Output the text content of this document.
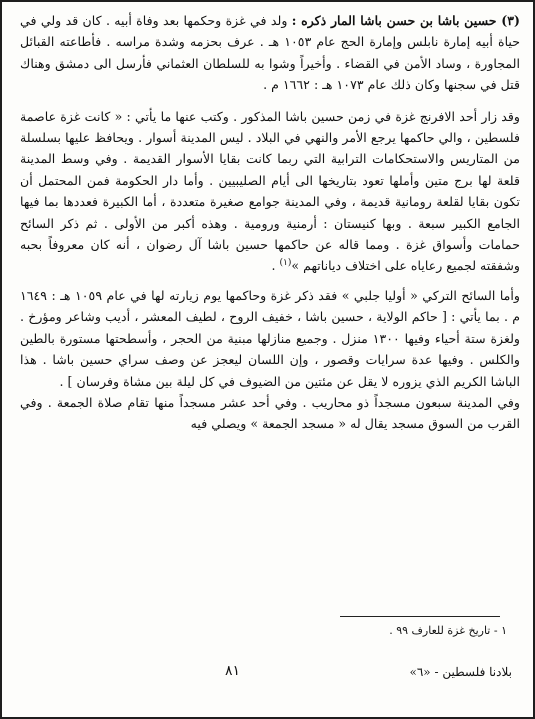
(٣) حسين باشا بن حسن باشا المار ذكره : ولد في غزة وحكمها بعد وفاة أبيه . كان قد ولي في حياة أبيه إمارة نابلس وإمارة الحج عام ١٠٥٣ هـ . عرف بحزمه وشدة مراسه . فأطاعته القبائل المجاورة ، وساد الأمن في القضاء . وأخيراً وشوا به للسلطان العثماني فأرسل الى دمشق وهناك قتل في سجنها وكان ذلك عام ١٠٧٣ هـ : ١٦٦٢ م .

وقد زار أحد الافرنج غزة في زمن حسين باشا المذكور . وكتب عنها ما يأتي : « كانت غزة عاصمة فلسطين ، والي حاكمها يرجع الأمر والنهي في البلاد . ليس المدينة أسوار . ويحافظ عليها بسلسلة من المتاريس والاستحكامات الترابية التي ربما كانت بقايا الأسوار القديمة . وفي وسط المدينة قلعة لها برج متين وأملها تعود بتاريخها الى أيام الصليبيين . وأما دار الحكومة فمن المحتمل أن تكون بقايا لقلعة رومانية قديمة ، وفي المدينة جوامع صغيرة متعددة ، أما الكبيرة فعددها بما فيها الجامع الكبير سبعة . وبها كنيستان : أرمنية ورومية . وهذه أكبر من الأولى . ثم ذكر السائح حمامات وأسواق غزة . ومما قاله عن حاكمها حسين باشا آل رضوان ، أنه كان معروفاً بحبه وشفقته لجميع رعاياه على اختلاف دياناتهم »$^{(١)}$ .

وأما السائح التركي « أوليا جلبي » فقد ذكر غزة وحاكمها يوم زيارته لها في عام ١٠٥٩ هـ : ١٦٤٩ م . بما يأتي : [ حاكم الولاية ، حسين باشا ، خفيف الروح ، لطيف المعشر ، أديب وشاعر ومؤرخ . ولغزة ستة أحياء وفيها ١٣٠٠ منزل . وجميع منازلها مبنية من الحجر ، وأسطحتها مستورة بالطين والكلس . وفيها عدة سرايات وقصور ، وإن اللسان ليعجز عن وصف سراي حسين باشا . هذا الباشا الكريم الذي يزوره لا يقل عن مئتين من الضيوف في كل ليلة بين مشاة وفرسان ] .

وفي المدينة سبعون مسجداً ذو محاريب . وفي أحد عشر مسجداً منها تقام صلاة الجمعة . وفي القرب من السوق مسجد يقال له « مسجد الجمعة » ويصلي فيه

١ - تاريخ غزة للعارف ٩٩ .
بلادنا فلسطين - «٦»
٨١
